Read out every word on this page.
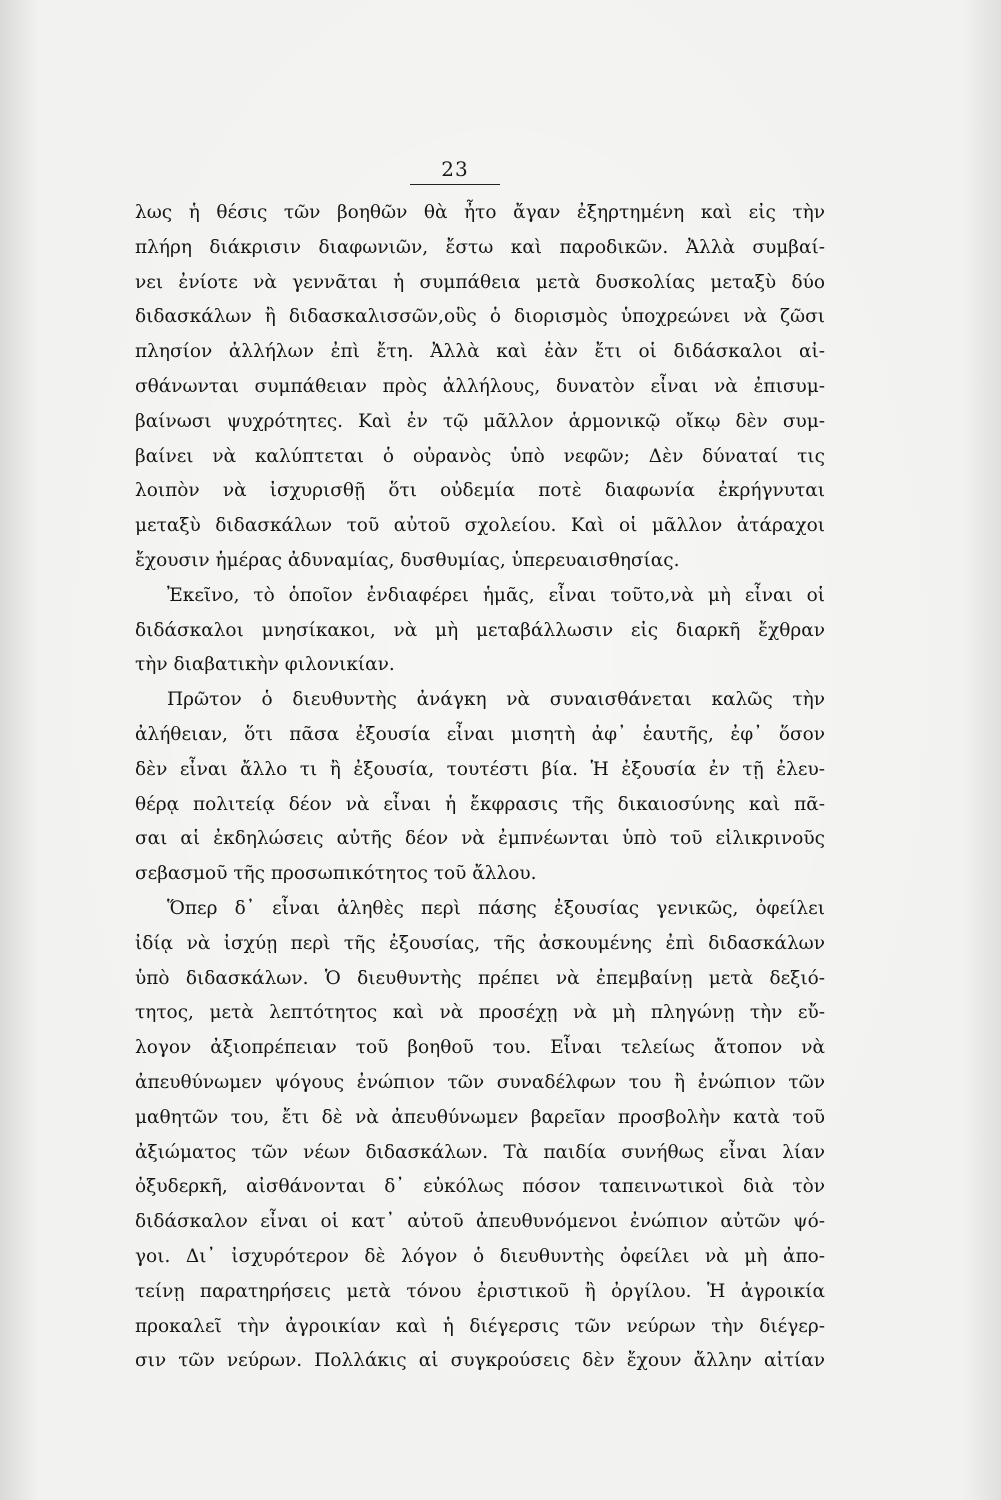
23
λως ἡ θέσις τῶν βοηθῶν θὰ ἦτο ἄγαν ἐξηρτημένη καὶ εἰς τὴν
πλήρη διάκρισιν διαφωνιῶν, ἔστω καὶ παροδικῶν. Ἀλλὰ συμβαί-
νει ἐνίοτε νὰ γεννᾶται ἡ συμπάθεια μετὰ δυσκολίας μεταξὺ δύο
διδασκάλων ἢ διδασκαλισσῶν,οὓς ὁ διορισμὸς ὑποχρεώνει νὰ ζῶσι
πλησίον ἀλλήλων ἐπὶ ἔτη. Ἀλλὰ καὶ ἐὰν ἔτι οἱ διδάσκαλοι αἰ-
σθάνωνται συμπάθειαν πρὸς ἀλλήλους, δυνατὸν εἶναι νὰ ἐπισυμ-
βαίνωσι ψυχρότητες. Καὶ ἐν τῷ μᾶλλον ἁρμονικῷ οἴκῳ δὲν συμ-
βαίνει νὰ καλύπτεται ὁ οὐρανὸς ὑπὸ νεφῶν; Δὲν δύναταί τις
λοιπὸν νὰ ἰσχυρισθῇ ὅτι οὐδεμία ποτὲ διαφωνία ἐκρήγνυται
μεταξὺ διδασκάλων τοῦ αὐτοῦ σχολείου. Καὶ οἱ μᾶλλον ἀτάραχοι
ἔχουσιν ἡμέρας ἀδυναμίας, δυσθυμίας, ὑπερευαισθησίας.
Ἐκεῖνο, τὸ ὁποῖον ἐνδιαφέρει ἡμᾶς, εἶναι τοῦτο,νὰ μὴ εἶναι οἱ
διδάσκαλοι μνησίκακοι, νὰ μὴ μεταβάλλωσιν εἰς διαρκῆ ἔχθραν
τὴν διαβατικὴν φιλονικίαν.
Πρῶτον ὁ διευθυντὴς ἀνάγκη νὰ συναισθάνεται καλῶς τὴν
ἀλήθειαν, ὅτι πᾶσα ἐξουσία εἶναι μισητὴ ἀφ᾽ ἑαυτῆς, ἐφ᾽ ὅσον
δὲν εἶναι ἄλλο τι ἢ ἐξουσία, τουτέστι βία. Ἡ ἐξουσία ἐν τῇ ἐλευ-
θέρᾳ πολιτείᾳ δέον νὰ εἶναι ἡ ἔκφρασις τῆς δικαιοσύνης καὶ πᾶ-
σαι αἱ ἐκδηλώσεις αὐτῆς δέον νὰ ἐμπνέωνται ὑπὸ τοῦ εἰλικρινοῦς
σεβασμοῦ τῆς προσωπικότητος τοῦ ἄλλου.
Ὅπερ δ᾽ εἶναι ἀληθὲς περὶ πάσης ἐξουσίας γενικῶς, ὀφείλει
ἰδίᾳ νὰ ἰσχύῃ περὶ τῆς ἐξουσίας, τῆς ἀσκουμένης ἐπὶ διδασκάλων
ὑπὸ διδασκάλων. Ὁ διευθυντὴς πρέπει νὰ ἐπεμβαίνῃ μετὰ δεξιό-
τητος, μετὰ λεπτότητος καὶ νὰ προσέχῃ νὰ μὴ πληγώνῃ τὴν εὔ-
λογον ἀξιοπρέπειαν τοῦ βοηθοῦ του. Εἶναι τελείως ἄτοπον νὰ
ἀπευθύνωμεν ψόγους ἐνώπιον τῶν συναδέλφων του ἢ ἐνώπιον τῶν
μαθητῶν του, ἔτι δὲ νὰ ἀπευθύνωμεν βαρεῖαν προσβολὴν κατὰ τοῦ
ἀξιώματος τῶν νέων διδασκάλων. Τὰ παιδία συνήθως εἶναι λίαν
ὀξυδερκῆ, αἰσθάνονται δ᾽ εὐκόλως πόσον ταπεινωτικοὶ διὰ τὸν
διδάσκαλον εἶναι οἱ κατ᾽ αὐτοῦ ἀπευθυνόμενοι ἐνώπιον αὐτῶν ψό-
γοι. Δι᾽ ἰσχυρότερον δὲ λόγον ὁ διευθυντὴς ὀφείλει νὰ μὴ ἀπο-
τείνῃ παρατηρήσεις μετὰ τόνου ἐριστικοῦ ἢ ὀργίλου. Ἡ ἀγροικία
προκαλεῖ τὴν ἀγροικίαν καὶ ἡ διέγερσις τῶν νεύρων τὴν διέγερ-
σιν τῶν νεύρων. Πολλάκις αἱ συγκρούσεις δὲν ἔχουν ἄλλην αἰτίαν
